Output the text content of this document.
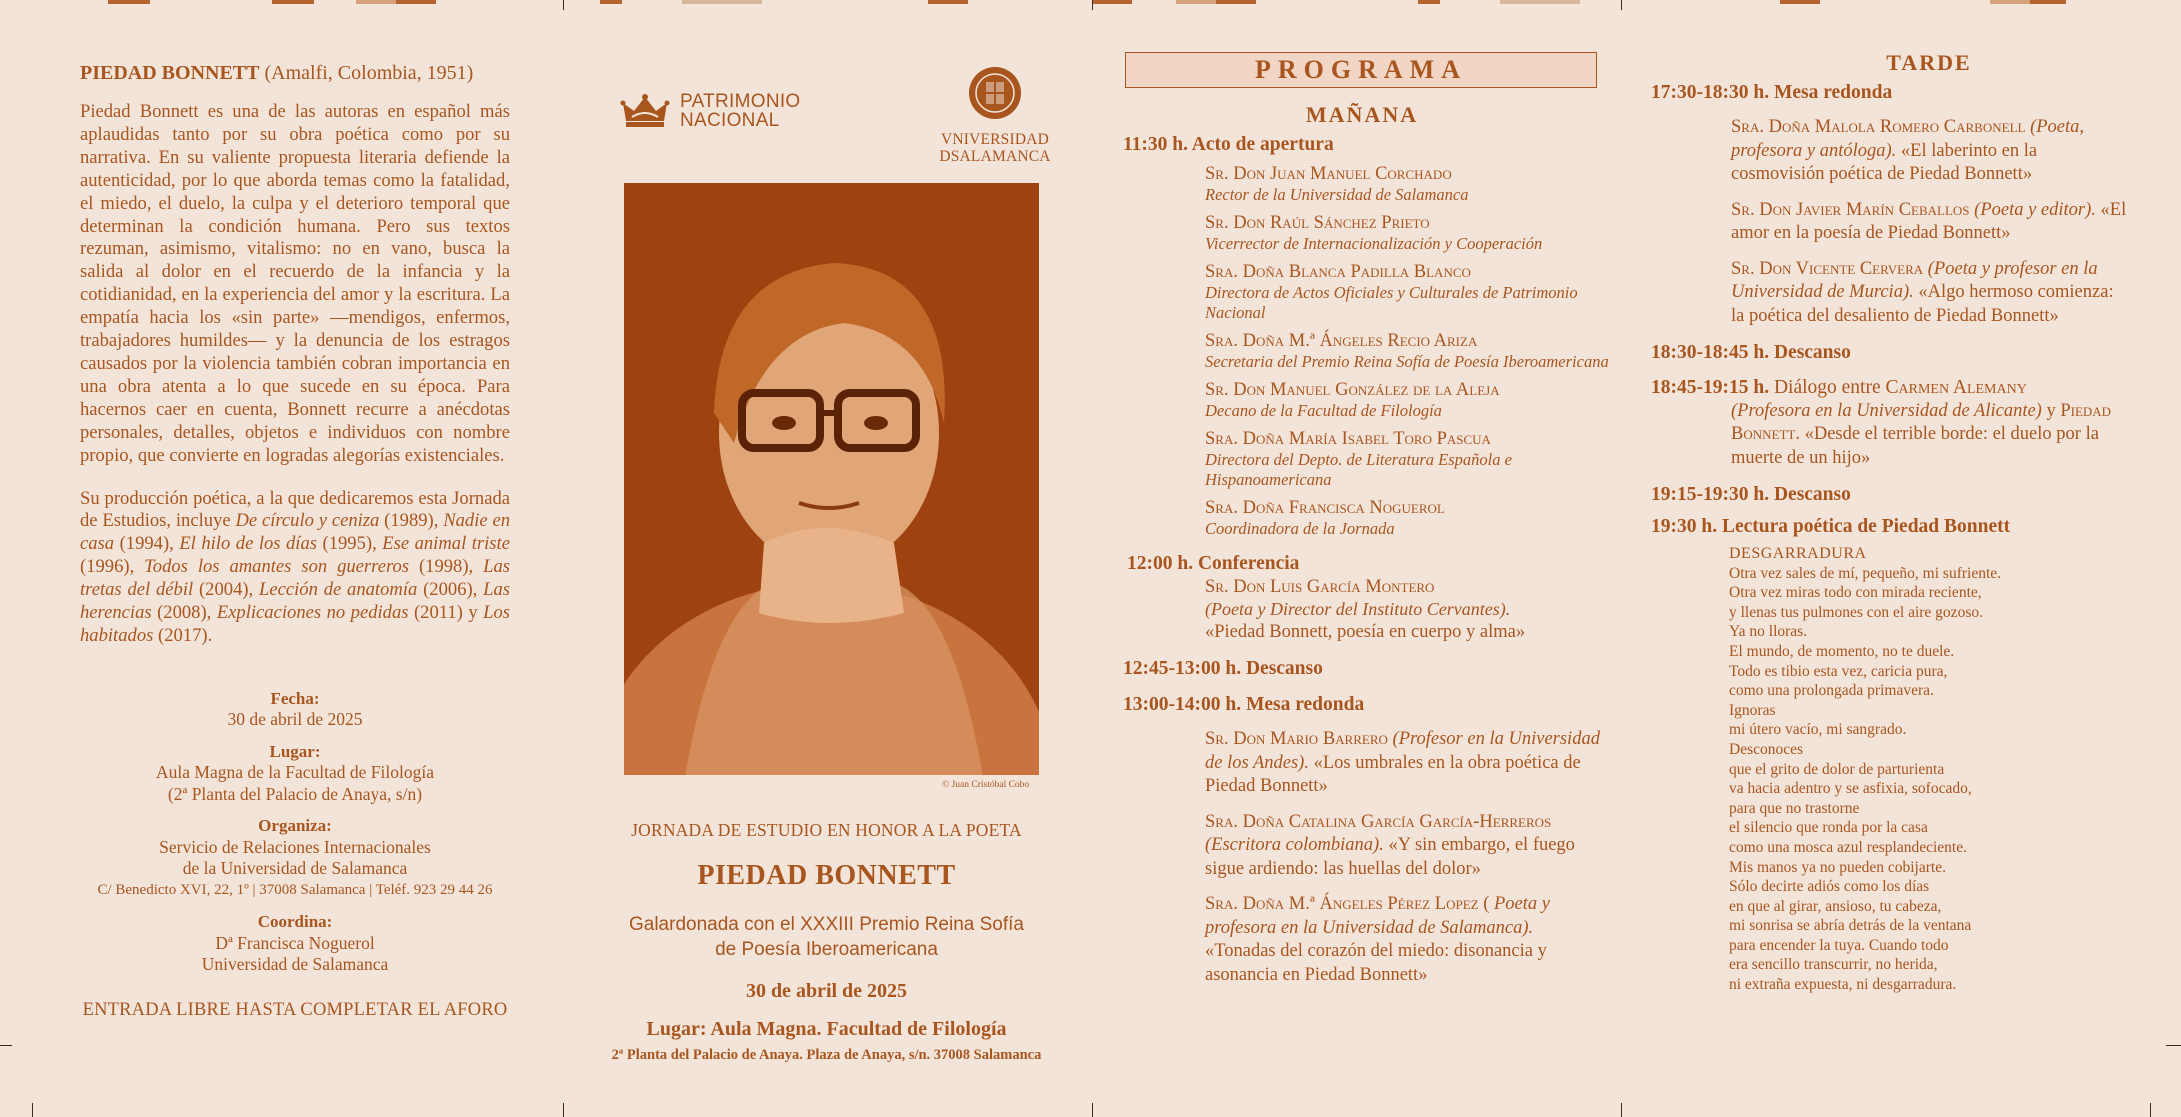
PIEDAD BONNETT (Amalfi, Colombia, 1951)

Piedad Bonnett es una de las autoras en español más aplaudidas tanto por su obra poética como por su narrativa. En su valiente propuesta literaria defiende la autenticidad, por lo que aborda temas como la fatalidad, el miedo, el duelo, la culpa y el deterioro temporal que determinan la condición humana. Pero sus textos rezuman, asimismo, vitalismo: no en vano, busca la salida al dolor en el recuerdo de la infancia y la cotidianidad, en la experiencia del amor y la escritura. La empatía hacia los «sin parte» —mendigos, enfermos, trabajadores humildes— y la denuncia de los estragos causados por la violencia también cobran importancia en una obra atenta a lo que sucede en su época. Para hacernos caer en cuenta, Bonnett recurre a anécdotas personales, detalles, objetos e individuos con nombre propio, que convierte en logradas alegorías existenciales.

Su producción poética, a la que dedicaremos esta Jornada de Estudios, incluye De círculo y ceniza (1989), Nadie en casa (1994), El hilo de los días (1995), Ese animal triste (1996), Todos los amantes son guerreros (1998), Las tretas del débil (2004), Lección de anatomía (2006), Las herencias (2008), Explicaciones no pedidas (2011) y Los habitados (2017).

Fecha:
30 de abril de 2025
Lugar:
Aula Magna de la Facultad de Filología
(2ª Planta del Palacio de Anaya, s/n)
Organiza:
Servicio de Relaciones Internacionales
de la Universidad de Salamanca
C/ Benedicto XVI, 22, 1º | 37008 Salamanca | Teléf. 923 29 44 26
Coordina:
Dª Francisca Noguerol
Universidad de Salamanca
ENTRADA LIBRE HASTA COMPLETAR EL AFORO
PATRIMONIO
NACIONAL
VNIVERSIDAD
DSALAMANCA
© Juan Cristóbal Cobo
JORNADA DE ESTUDIO EN HONOR A LA POETA
PIEDAD BONNETT
Galardonada con el XXXIII Premio Reina Sofía
de Poesía Iberoamericana
30 de abril de 2025
Lugar: Aula Magna. Facultad de Filología
2ª Planta del Palacio de Anaya. Plaza de Anaya, s/n. 37008 Salamanca
PROGRAMA
MAÑANA
11:30 h. Acto de apertura
Sr. Don Juan Manuel Corchado
Rector de la Universidad de Salamanca
Sr. Don Raúl Sánchez Prieto
Vicerrector de Internacionalización y Cooperación
Sra. Doña Blanca Padilla Blanco
Directora de Actos Oficiales y Culturales de Patrimonio Nacional
Sra. Doña M.ª Ángeles Recio Ariza
Secretaria del Premio Reina Sofía de Poesía Iberoamericana
Sr. Don Manuel González de la Aleja
Decano de la Facultad de Filología
Sra. Doña María Isabel Toro Pascua
Directora del Depto. de Literatura Española e Hispanoamericana
Sra. Doña Francisca Noguerol
Coordinadora de la Jornada
12:00 h. Conferencia
Sr. Don Luis García Montero
(Poeta y Director del Instituto Cervantes).
«Piedad Bonnett, poesía en cuerpo y alma»
12:45-13:00 h. Descanso
13:00-14:00 h. Mesa redonda
Sr. Don Mario Barrero (Profesor en la Universidad de los Andes). «Los umbrales en la obra poética de Piedad Bonnett»
Sra. Doña Catalina García García-Herreros (Escritora colombiana). «Y sin embargo, el fuego sigue ardiendo: las huellas del dolor»
Sra. Doña M.ª Ángeles Pérez Lopez ( Poeta y profesora en la Universidad de Salamanca). «Tonadas del corazón del miedo: disonancia y asonancia en Piedad Bonnett»
TARDE
17:30-18:30 h. Mesa redonda
Sra. Doña Malola Romero Carbonell (Poeta, profesora y antóloga). «El laberinto en la cosmovisión poética de Piedad Bonnett»
Sr. Don Javier Marín Ceballos (Poeta y editor). «El amor en la poesía de Piedad Bonnett»
Sr. Don Vicente Cervera (Poeta y profesor en la Universidad de Murcia). «Algo hermoso comienza: la poética del desaliento de Piedad Bonnett»
18:30-18:45 h. Descanso
18:45-19:15 h. Diálogo entre Carmen Alemany
(Profesora en la Universidad de Alicante) y Piedad Bonnett. «Desde el terrible borde: el duelo por la muerte de un hijo»
19:15-19:30 h. Descanso
19:30 h. Lectura poética de Piedad Bonnett
DESGARRADURA
Otra vez sales de mí, pequeño, mi sufriente.
Otra vez miras todo con mirada reciente,
y llenas tus pulmones con el aire gozoso.
Ya no lloras.
El mundo, de momento, no te duele.
Todo es tibio esta vez, caricia pura,
como una prolongada primavera.
Ignoras
mi útero vacío, mi sangrado.
Desconoces
que el grito de dolor de parturienta
va hacia adentro y se asfixia, sofocado,
para que no trastorne
el silencio que ronda por la casa
como una mosca azul resplandeciente.
Mis manos ya no pueden cobijarte.
Sólo decirte adiós como los días
en que al girar, ansioso, tu cabeza,
mi sonrisa se abría detrás de la ventana
para encender la tuya. Cuando todo
era sencillo transcurrir, no herida,
ni extraña expuesta, ni desgarradura.
